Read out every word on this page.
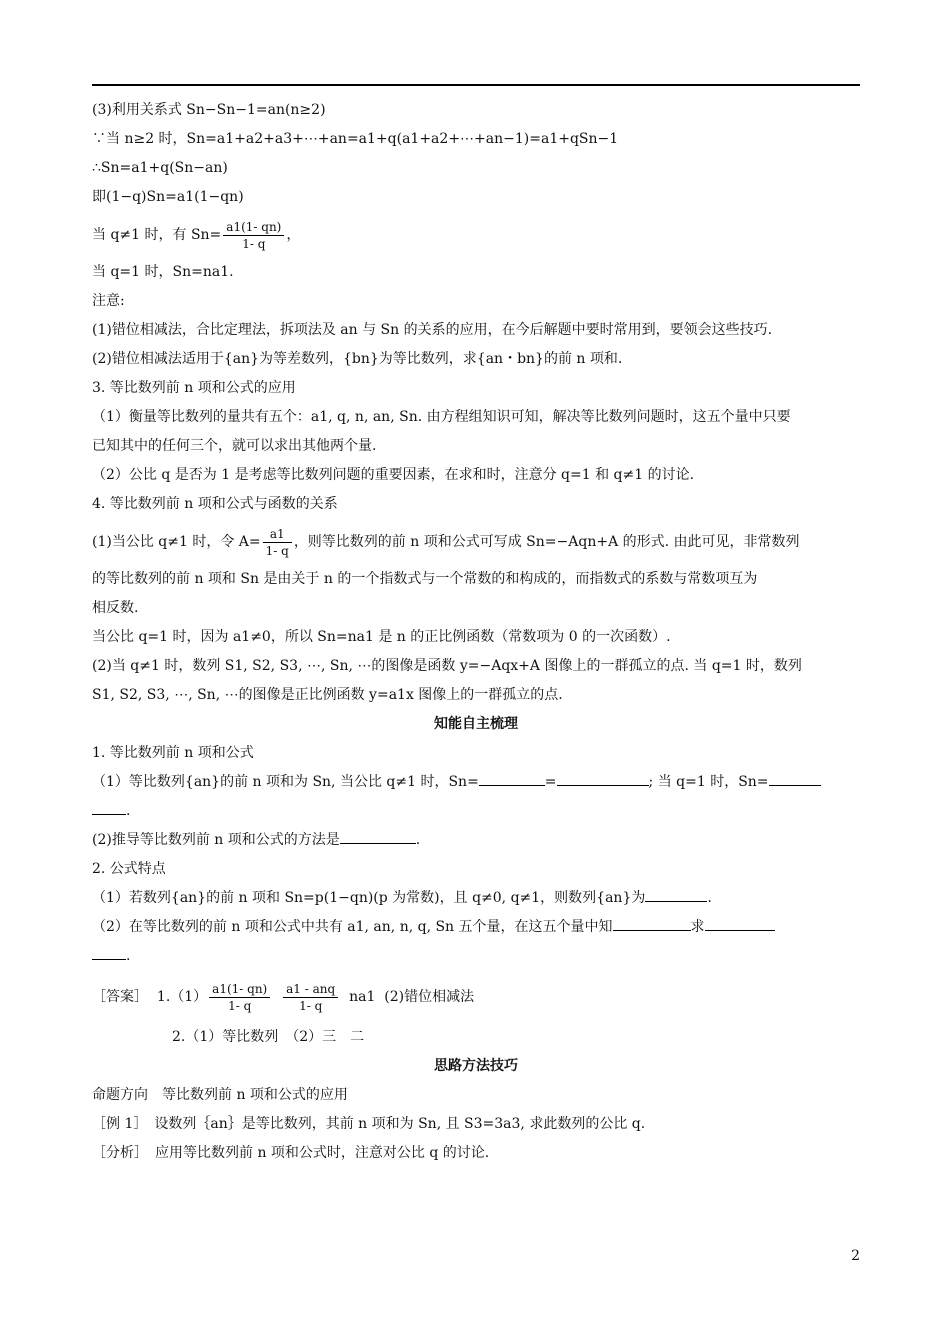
(3)利用关系式 Sn−Sn−1=an(n≥2)
∵当 n≥2 时，Sn=a1+a2+a3+⋯+an=a1+q(a1+a2+⋯+an−1)=a1+qSn−1
∴Sn=a1+q(Sn−an)
即(1−q)Sn=a1(1−qn)
当 q≠1 时，有 $Sn= \frac{a1(1- qn)}{1- q}$ ，
当 q=1 时，Sn=na1.
注意:
(1)错位相减法，合比定理法，拆项法及 an 与 Sn 的关系的应用，在今后解题中要时常用到，要领会这些技巧.
(2)错位相减法适用于{an}为等差数列，{bn}为等比数列，求{an・bn}的前 n 项和.
3. 等比数列前 n 项和公式的应用
（1）衡量等比数列的量共有五个：a1, q, n, an, Sn. 由方程组知识可知，解决等比数列问题时，这五个量中只要
已知其中的任何三个，就可以求出其他两个量.
（2）公比 q 是否为 1 是考虑等比数列问题的重要因素，在求和时，注意分 q=1 和 q≠1 的讨论.
4. 等比数列前 n 项和公式与函数的关系
(1)当公比 q≠1 时，令 $A= \frac{a1}{1- q}$ ，则等比数列的前 n 项和公式可写成 Sn=−Aqn+A 的形式. 由此可见，非常数列
的等比数列的前 n 项和 Sn 是由关于 n 的一个指数式与一个常数的和构成的，而指数式的系数与常数项互为
相反数.
当公比 q=1 时，因为 a1≠0，所以 Sn=na1 是 n 的正比例函数（常数项为 0 的一次函数）.
(2)当 q≠1 时，数列 S1, S2, S3, ⋯, Sn, ⋯的图像是函数 y=−Aqx+A 图像上的一群孤立的点. 当 q=1 时，数列
S1, S2, S3, ⋯, Sn, ⋯的图像是正比例函数 y=a1x 图像上的一群孤立的点.
知能自主梳理
1. 等比数列前 n 项和公式
（1）等比数列{an}的前 n 项和为 Sn, 当公比 q≠1 时，Sn=	=	; 当 q=1 时，Sn=
.
(2)推导等比数列前 n 项和公式的方法是	.
2. 公式特点
（1）若数列{an}的前 n 项和 Sn=p(1−qn)(p 为常数)，且 q≠0, q≠1，则数列{an}为	.
（2）在等比数列的前 n 项和公式中共有 a1, an, n, q, Sn 五个量，在这五个量中知	求
.
［答案］ $1.(1) \frac{a1(1- qn)}{1- q}$
$\frac{\text{a1 - anq}}{1- q} na1$ (2)错位相减法
2.（1）等比数列　（2）三　二
思路方法技巧
命题方向　等比数列前 n 项和公式的应用
［例 1］　设数列｛an｝是等比数列，其前 n 项和为 Sn, 且 S3=3a3, 求此数列的公比 q.
［分析］　应用等比数列前 n 项和公式时，注意对公比 q 的讨论.
2
